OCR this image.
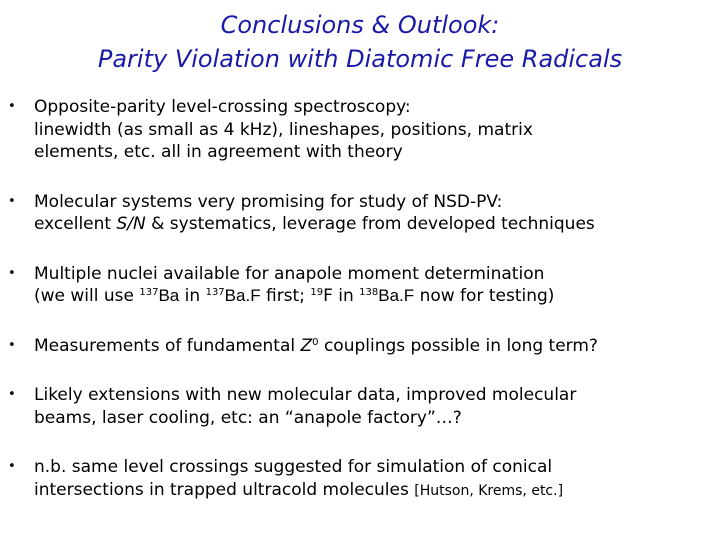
Conclusions & Outlook:
Parity Violation with Diatomic Free Radicals
• Opposite-parity level-crossing spectroscopy:
linewidth (as small as 4 kHz), lineshapes, positions, matrix
elements, etc. all in agreement with theory
• Molecular systems very promising for study of NSD-PV:
excellent S/N & systematics, leverage from developed techniques
• Multiple nuclei available for anapole moment determination
(we will use $^{137}$Ba in $^{137}$Ba.F first; $^{19}$F in $^{138}$Ba.F now for testing)
• Measurements of fundamental $Z^0$ couplings possible in long term?
• Likely extensions with new molecular data, improved molecular
beams, laser cooling, etc: an “anapole factory”…?
• n.b. same level crossings suggested for simulation of conical
intersections in trapped ultracold molecules [Hutson, Krems, etc.]
